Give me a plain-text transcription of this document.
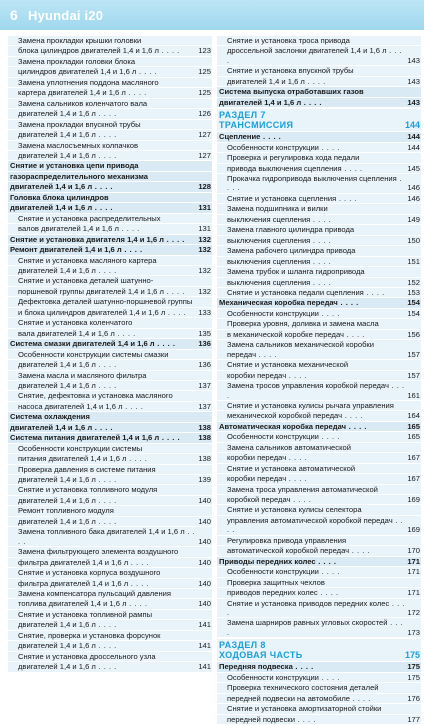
6 Hyundai i20
Замена прокладки крышки головки
блока цилиндров двигателей 1,4 и 1,6 л . . . . 123
Замена прокладки головки блока
цилиндров двигателей 1,4 и 1,6 л . . . .	125
Замена уплотнения поддона масляного
картера двигателей 1,4 и 1,6 л . . . .	125
Замена сальников коленчатого вала
двигателей 1,4 и 1,6 л . . . .	126
Замена прокладки впускной трубы
двигателей 1,4 и 1,6 л . . . .	127
Замена маслосъемных колпачков
двигателей 1,4 и 1,6 л . . . .	127
Снятие и установка цепи привода
газораспределительного механизма
двигателей 1,4 и 1,6 л . . . .	128
Головка блока цилиндров
двигателей 1,4 и 1,6 л . . . .	131
Снятие и установка распределительных
валов двигателей 1,4 и 1,6 л . . . .	131
Снятие и установка двигателя 1,4 и 1,6 л . . . . 132
Ремонт двигателей 1,4 и 1,6 л . . . .	132
Снятие и установка масляного картера
двигателей 1,4 и 1,6 л . . . .	132
Снятие и установка деталей шатунно-
поршневой группы двигателей 1,4 и 1,6 л . . . . 132
Дефектовка деталей шатунно-поршневой группы
и блока цилиндров двигателей 1,4 и 1,6 л . . . . 133
Снятие и установка коленчатого
вала двигателей 1,4 и 1,6 л . . . .	135
Система смазки двигателей 1,4 и 1,6 л . . . .	136
Особенности конструкции системы смазки
двигателей 1,4 и 1,6 л . . . .	136
Замена масла и масляного фильтра
двигателей 1,4 и 1,6 л . . . .	137
Снятие, дефектовка и установка масляного
насоса двигателей 1,4 и 1,6 л . . . .	137
Система охлаждения
двигателей 1,4 и 1,6 л . . . .	138
Система питания двигателей 1,4 и 1,6 л . . . . 138
Особенности конструкции системы
питания двигателей 1,4 и 1,6 л . . . .	138
Проверка давления в системе питания
двигателей 1,4 и 1,6 л . . . .	139
Снятие и установка топливного модуля
двигателей 1,4 и 1,6 л . . . .	140
Ремонт топливного модуля
двигателей 1,4 и 1,6 л . . . .	140
Замена топливного бака двигателей 1,4 и 1,6 л . . . .	140
Замена фильтрующего элемента воздушного
фильтра двигателей 1,4 и 1,6 л . . . .	140
Снятие и установка корпуса воздушного
фильтра двигателей 1,4 и 1,6 л . . . .	140
Замена компенсатора пульсаций давления
топлива двигателей 1,4 и 1,6 л . . . .	140
Снятие и установка топливной рампы
двигателей 1,4 и 1,6 л . . . .	141
Снятие, проверка и установка форсунок
двигателей 1,4 и 1,6 л . . . .	141
Снятие и установка дроссельного узла
двигателей 1,4 и 1,6 л . . . .	141
Снятие и установка троса привода
дроссельной заслонки двигателей 1,4 и 1,6 л . . . .	143
Снятие и установка впускной трубы
двигателей 1,4 и 1,6 л . . . .	143
Система выпуска отработавших газов
двигателей 1,4 и 1,6 л . . . .	143
РАЗДЕЛ 7
ТРАНСМИССИЯ	144
Сцепление . . . .	144
Особенности конструкции . . . .	144
Проверка и регулировка хода педали
привода выключения сцепления . . . .	145
Прокачка гидропривода выключения сцепления . . . .	146
Снятие и установка сцепления . . . .	146
Замена подшипника и вилки
выключения сцепления . . . .	149
Замена главного цилиндра привода
выключения сцепления . . . .	150
Замена рабочего цилиндра привода
выключения сцепления . . . .	151
Замена трубок и шланга гидропривода
выключения сцепления . . . .	152
Снятие и установка педали сцепления . . . .	153
Механическая коробка передач . . . .	154
Особенности конструкции . . . .	154
Проверка уровня, доливка и замена масла
в механической коробке передач . . . .	156
Замена сальников механической коробки передач . . . .	157
Снятие и установка механической
коробки передач . . . .	157
Замена тросов управления коробкой передач . . . .	161
Снятие и установка кулисы рычага управления
механической коробкой передач . . . .	164
Автоматическая коробка передач . . . .	165
Особенности конструкции . . . .	165
Замена сальников автоматической
коробки передач . . . .	167
Снятие и установка автоматической
коробки передач . . . .	167
Замена троса управления автоматической
коробкой передач . . . .	169
Снятие и установка кулисы селектора
управления автоматической коробкой передач . . . .	169
Регулировка привода управления
автоматической коробкой передач . . . .	170
Приводы передних колес . . . .	171
Особенности конструкции . . . .	171
Проверка защитных чехлов
приводов передних колес . . . .	171
Снятие и установка приводов передних колес . . . .	172
Замена шарниров равных угловых скоростей . . . .	173
РАЗДЕЛ 8
ХОДОВАЯ ЧАСТЬ	175
Передняя подвеска . . . .	175
Особенности конструкции . . . .	175
Проверка технического состояния деталей
передней подвески на автомобиле . . . .	176
Снятие и установка амортизаторной стойки
передней подвески . . . .	177
